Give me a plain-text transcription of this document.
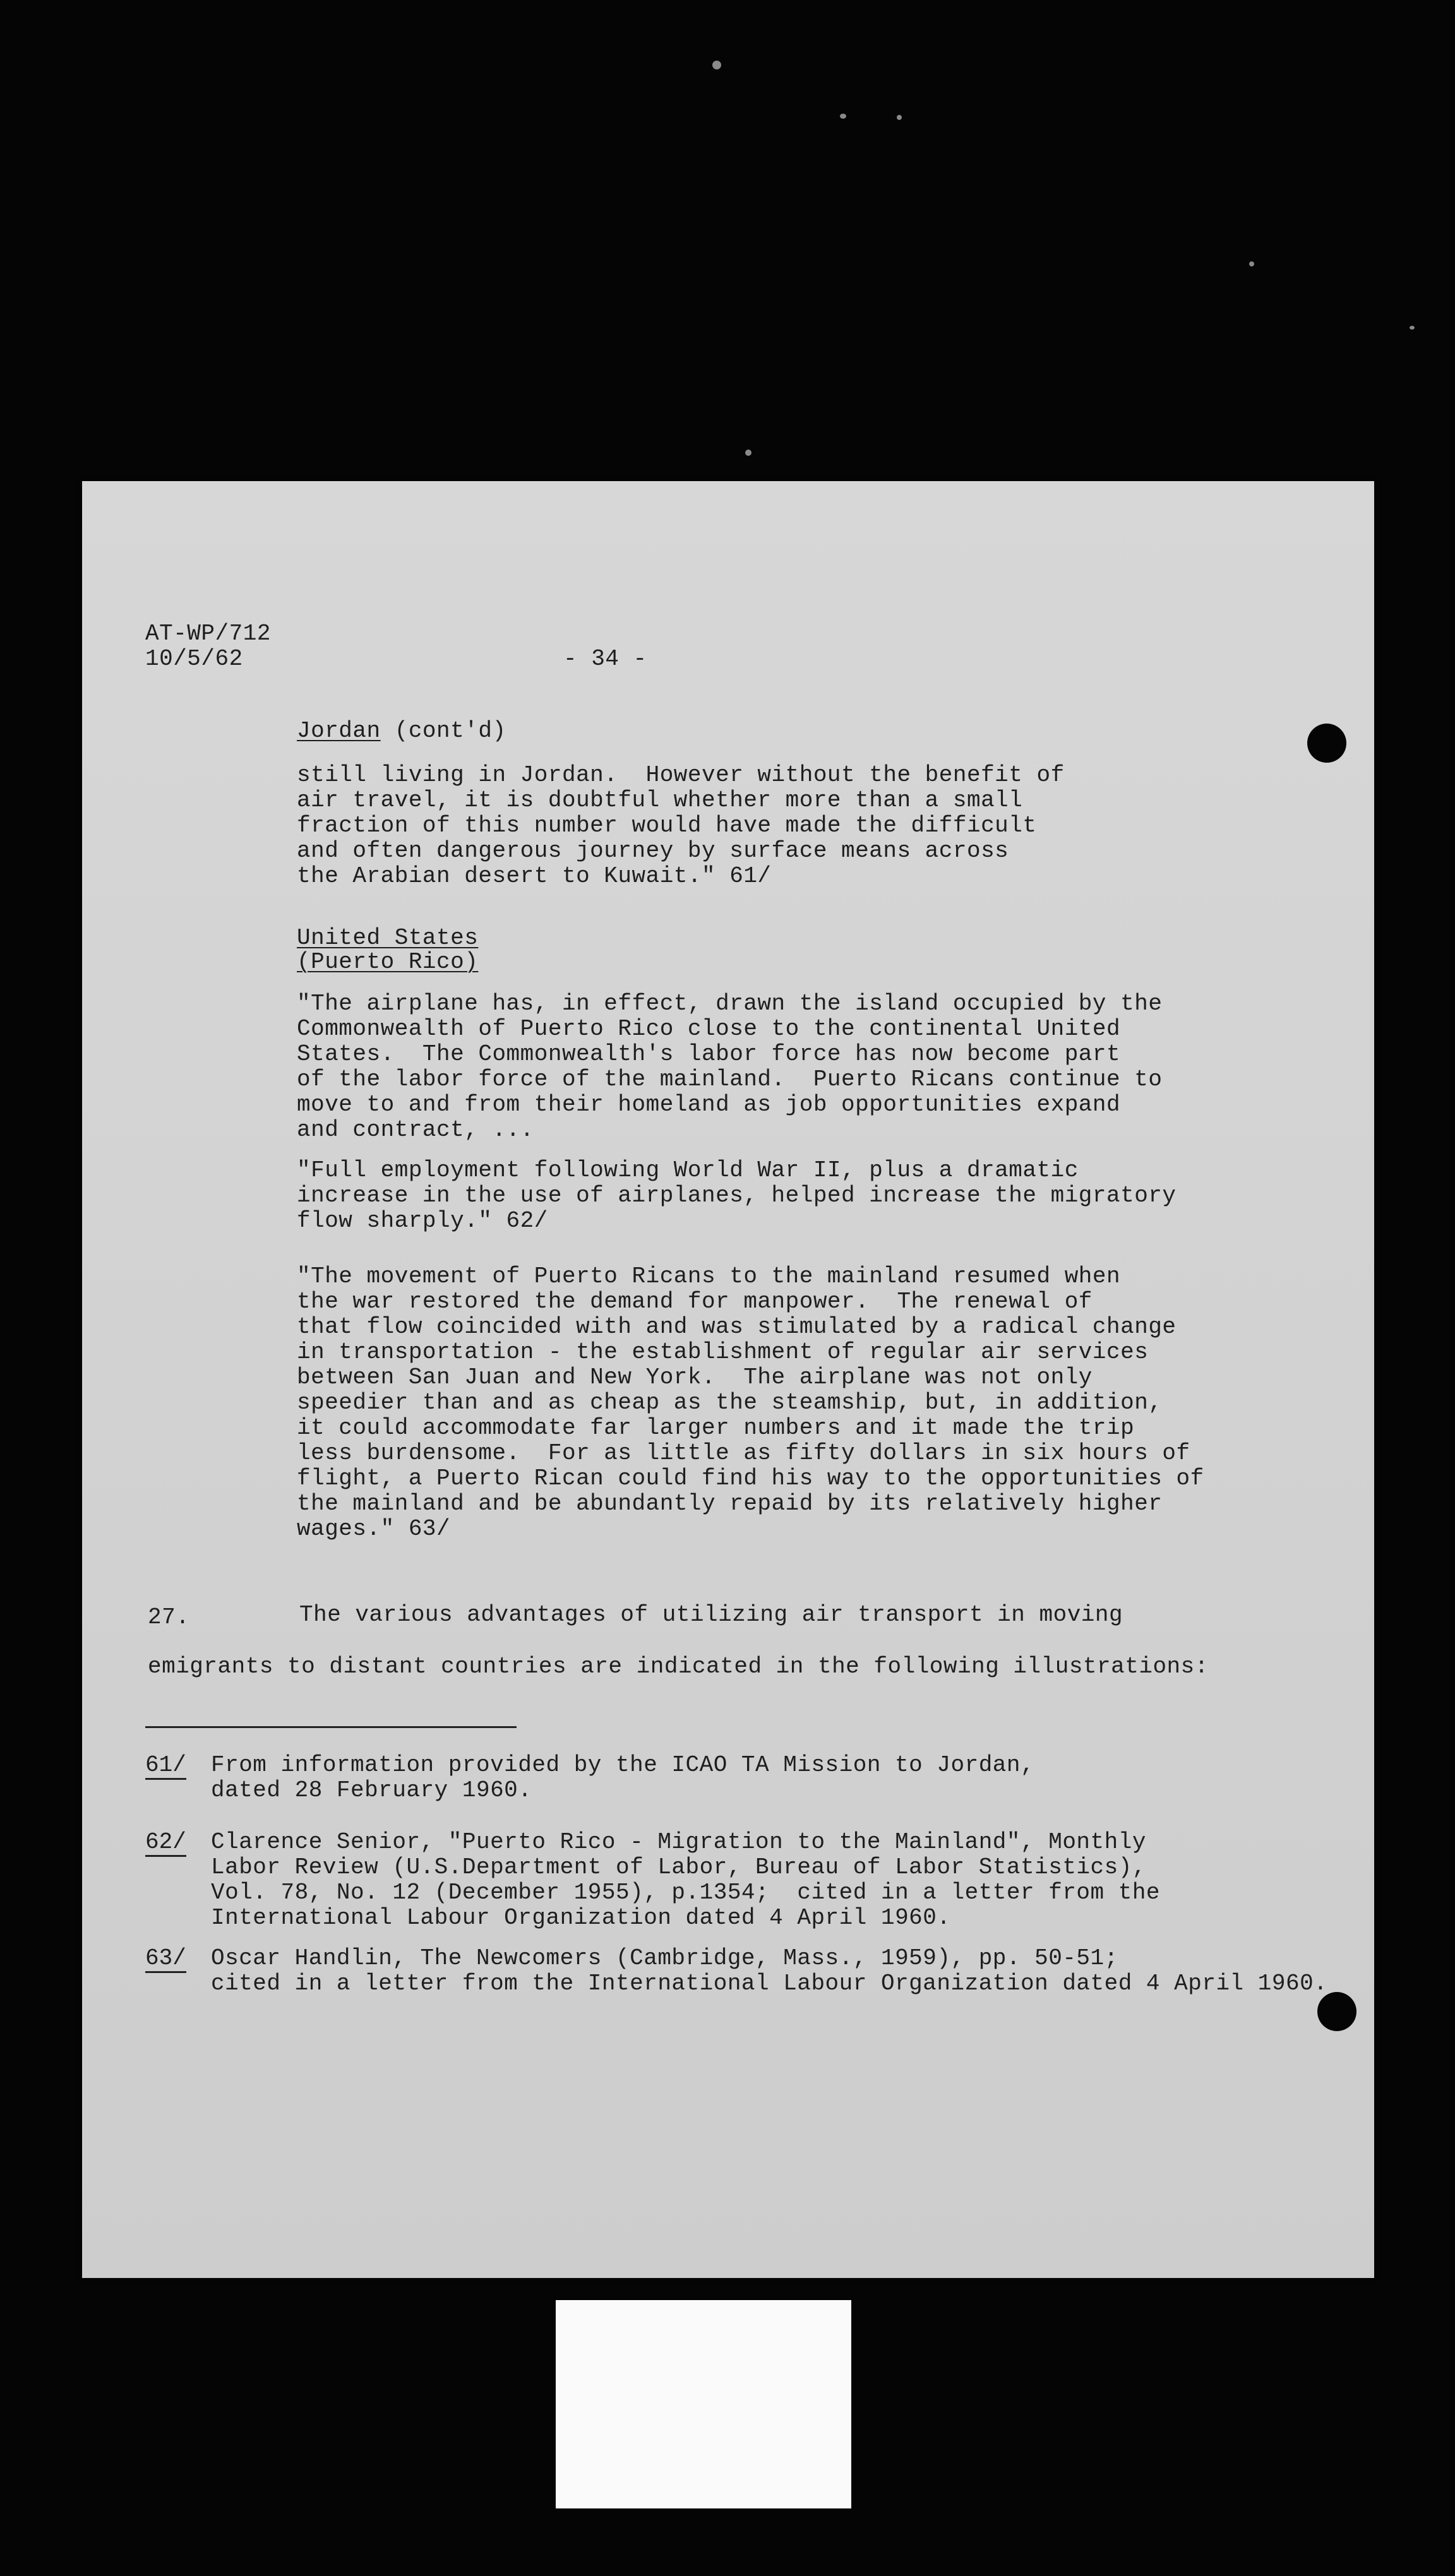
AT-WP/712
10/5/62	- 34 -
Jordan (cont'd)
still living in Jordan.  However without the benefit of
air travel, it is doubtful whether more than a small
fraction of this number would have made the difficult
and often dangerous journey by surface means across
the Arabian desert to Kuwait." 61/
United States
(Puerto Rico)
"The airplane has, in effect, drawn the island occupied by the
Commonwealth of Puerto Rico close to the continental United
States.  The Commonwealth's labor force has now become part
of the labor force of the mainland.  Puerto Ricans continue to
move to and from their homeland as job opportunities expand
and contract, ...
"Full employment following World War II, plus a dramatic
increase in the use of airplanes, helped increase the migratory
flow sharply." 62/
"The movement of Puerto Ricans to the mainland resumed when
the war restored the demand for manpower.  The renewal of
that flow coincided with and was stimulated by a radical change
in transportation - the establishment of regular air services
between San Juan and New York.  The airplane was not only
speedier than and as cheap as the steamship, but, in addition,
it could accommodate far larger numbers and it made the trip
less burdensome.  For as little as fifty dollars in six hours of
flight, a Puerto Rican could find his way to the opportunities of
the mainland and be abundantly repaid by its relatively higher
wages." 63/
27.	The various advantages of utilizing air transport in moving
emigrants to distant countries are indicated in the following illustrations:
61/ From information provided by the ICAO TA Mission to Jordan,
dated 28 February 1960.
62/ Clarence Senior, "Puerto Rico - Migration to the Mainland", Monthly
Labor Review (U.S.Department of Labor, Bureau of Labor Statistics),
Vol. 78, No. 12 (December 1955), p.1354;  cited in a letter from the
International Labour Organization dated 4 April 1960.
63/ Oscar Handlin, The Newcomers (Cambridge, Mass., 1959), pp. 50-51;
cited in a letter from the International Labour Organization dated 4 April 1960.
